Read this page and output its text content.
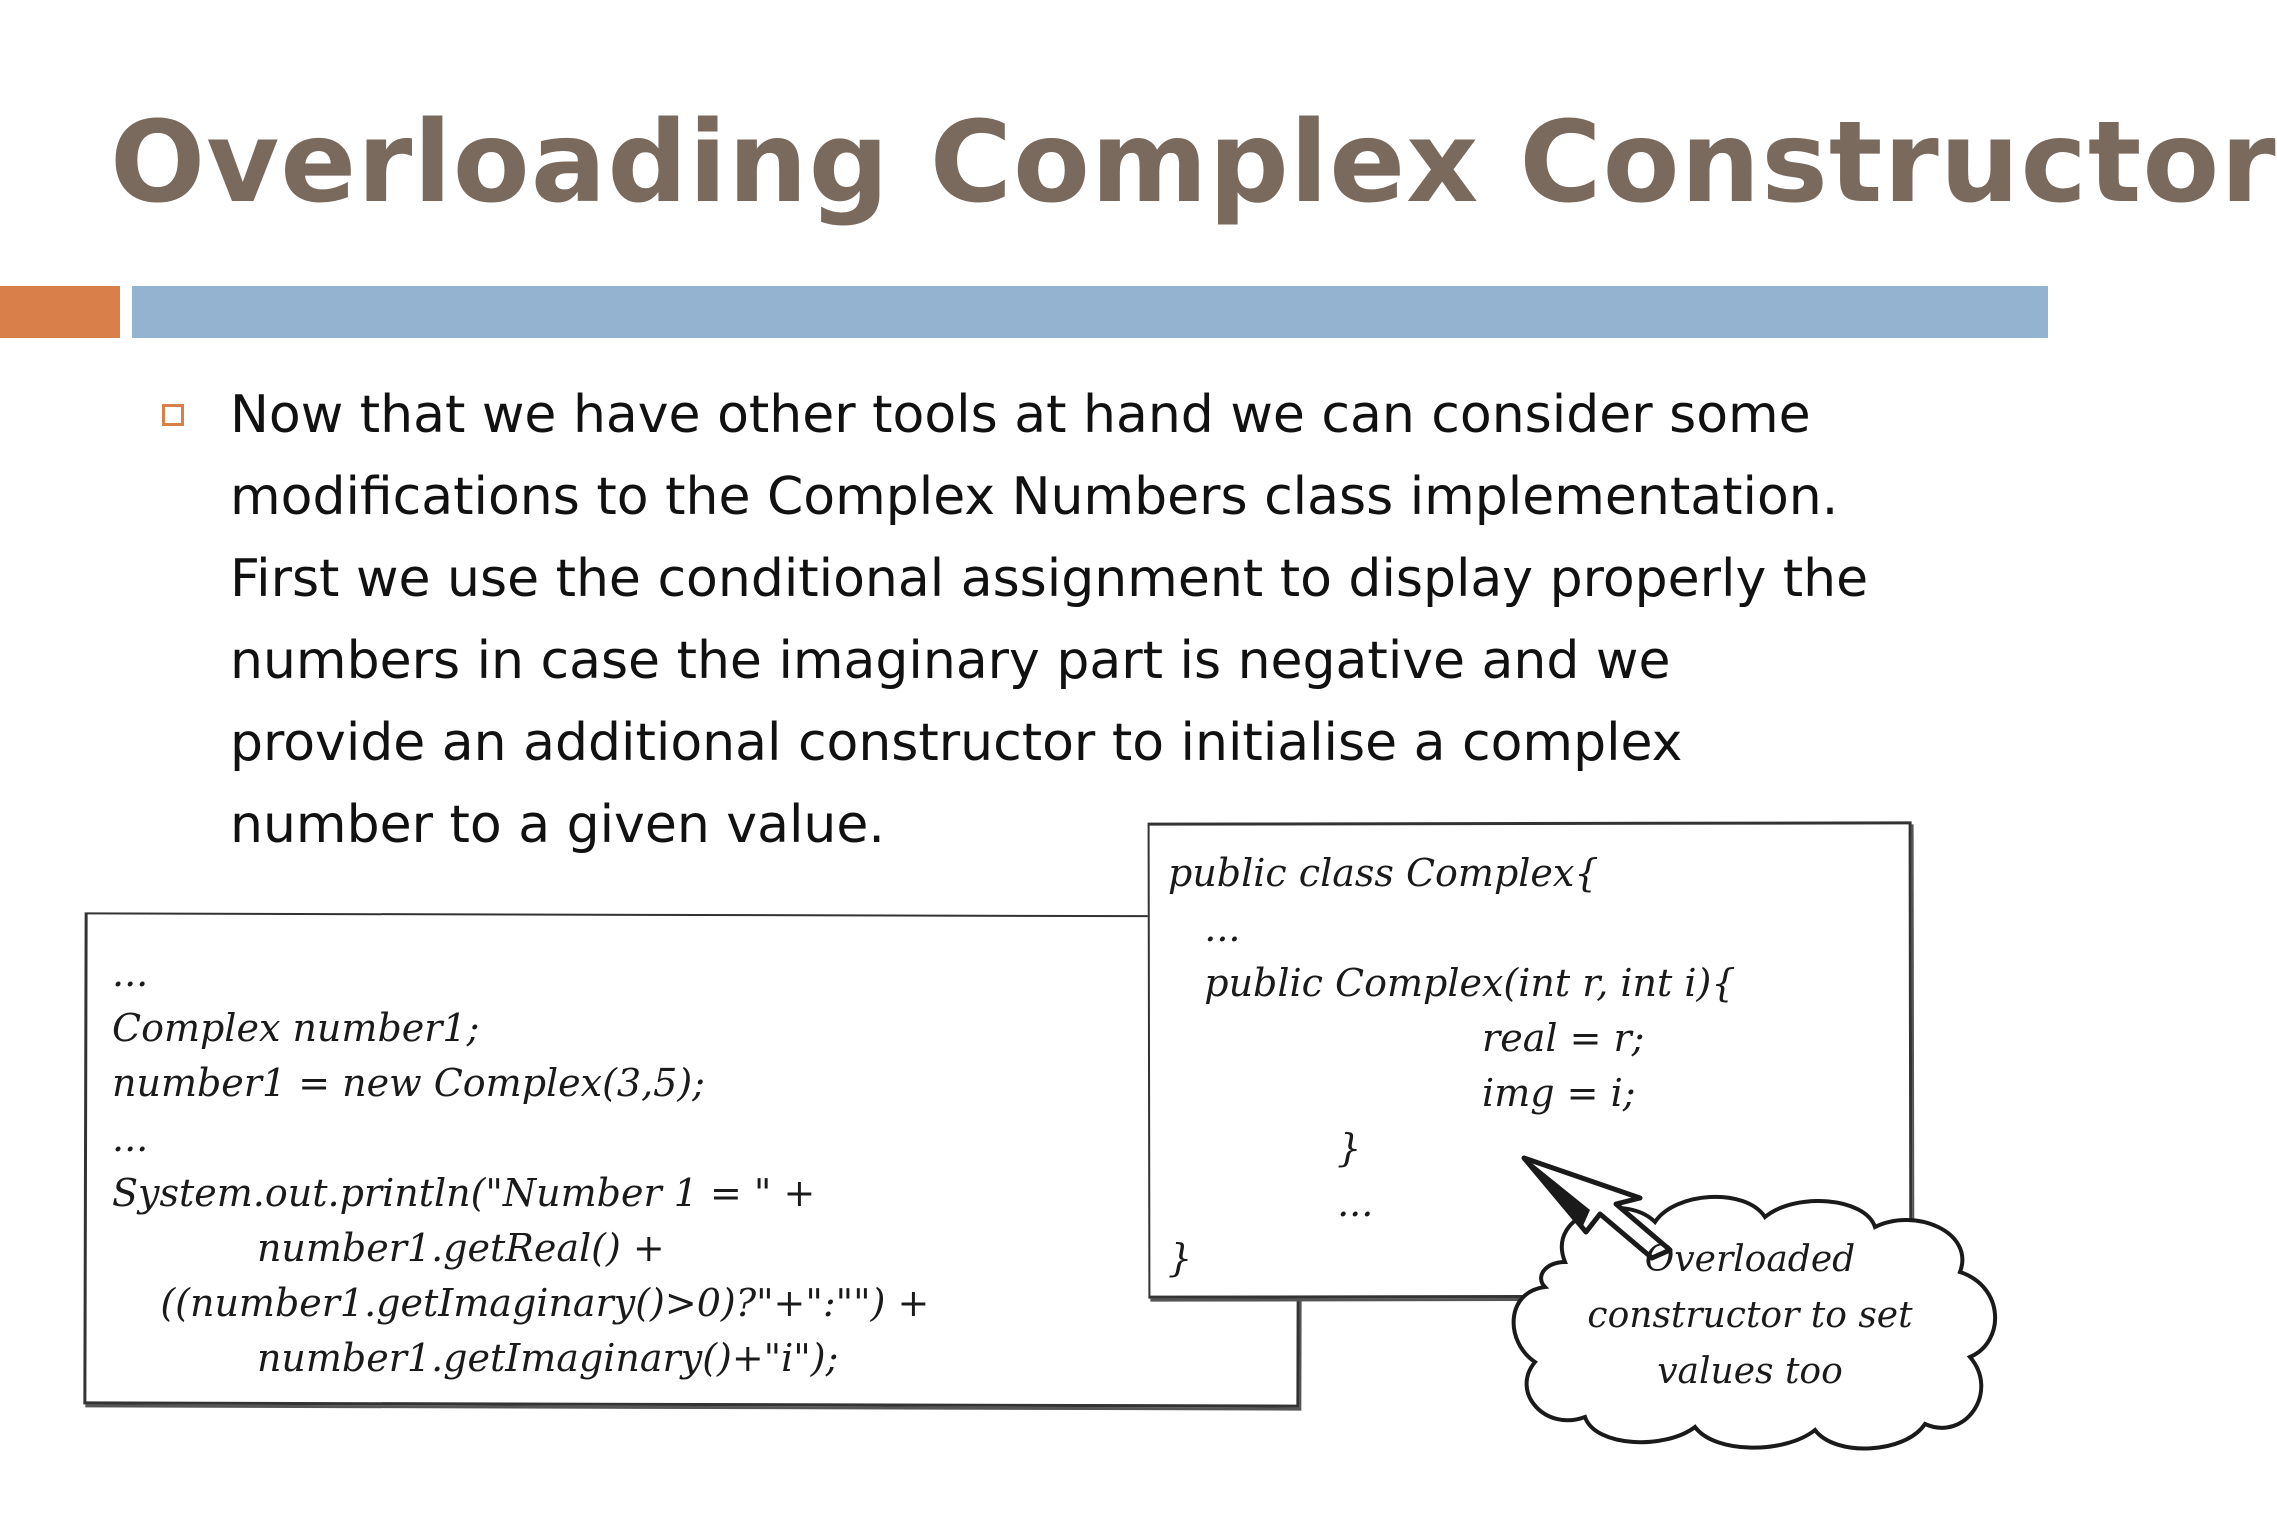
Overloading Complex Constructor

Now that we have other tools at hand we can consider some
modifications to the Complex Numbers class implementation.
First we use the conditional assignment to display properly the
numbers in case the imaginary part is negative and we
provide an additional constructor to initialise a complex
number to a given value.

...
Complex number1;
number1 = new Complex(3,5);
...
System.out.println("Number 1 = " +
number1.getReal() +
((number1.getImaginary()>0)?"+":"") +
number1.getImaginary()+"i");
public class Complex{
...
public Complex(int r, int i){
real = r;
img = i;
}
...
}	Overloaded
constructor to set
values too
